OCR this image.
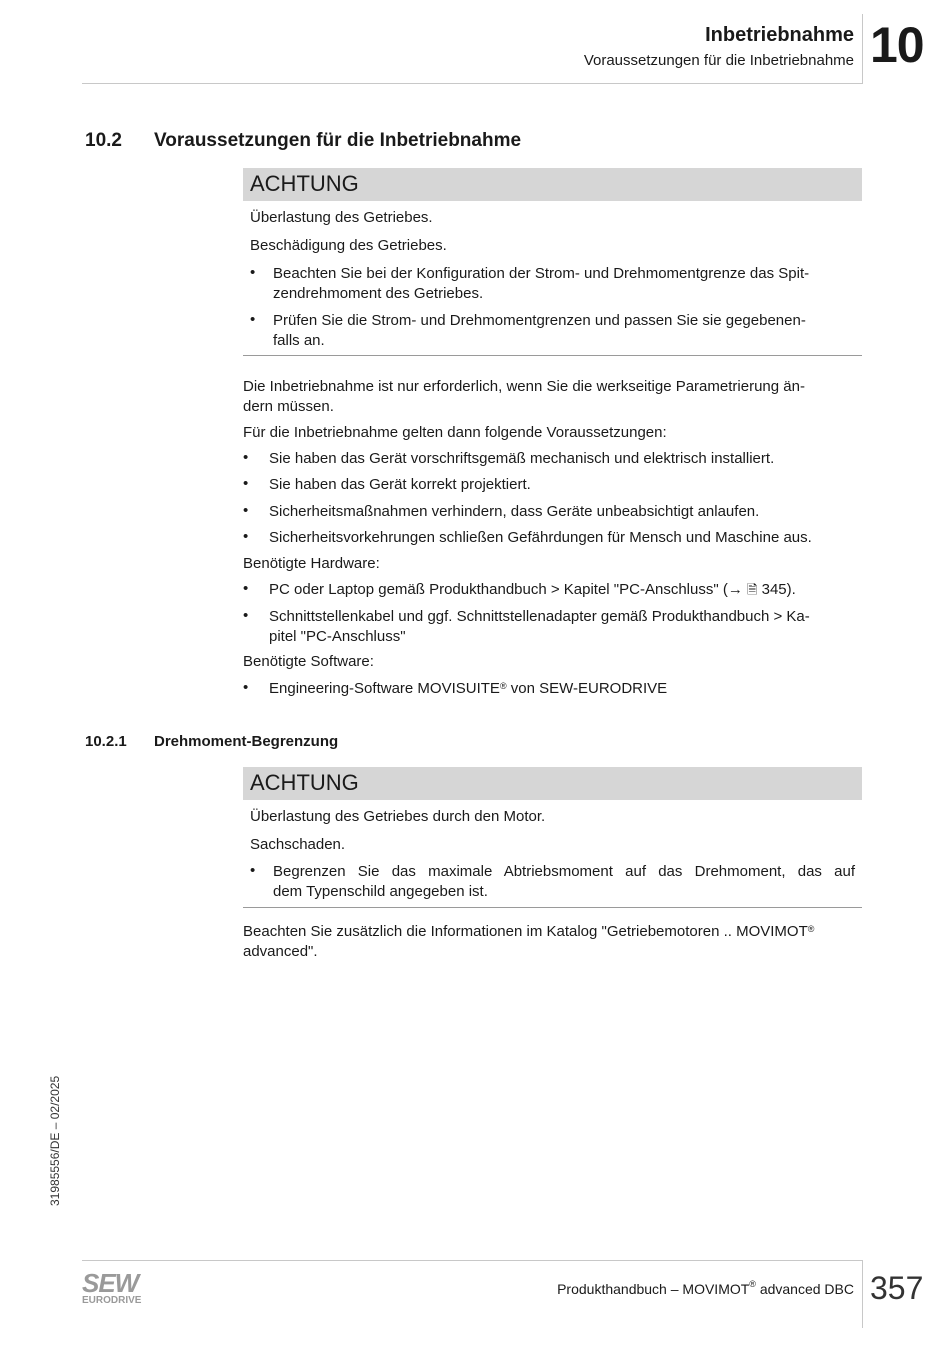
Inbetriebnahme
Voraussetzungen für die Inbetriebnahme 10
10.2 Voraussetzungen für die Inbetriebnahme
ACHTUNG
Überlastung des Getriebes.
Beschädigung des Getriebes.
• Beachten Sie bei der Konfiguration der Strom- und Drehmomentgrenze das Spit-
zendrehmoment des Getriebes.
• Prüfen Sie die Strom- und Drehmomentgrenzen und passen Sie sie gegebenen-
falls an.
Die Inbetriebnahme ist nur erforderlich, wenn Sie die werkseitige Parametrierung än-
dern müssen.
Für die Inbetriebnahme gelten dann folgende Voraussetzungen:
• Sie haben das Gerät vorschriftsgemäß mechanisch und elektrisch installiert.
• Sie haben das Gerät korrekt projektiert.
• Sicherheitsmaßnahmen verhindern, dass Geräte unbeabsichtigt anlaufen.
• Sicherheitsvorkehrungen schließen Gefährdungen für Mensch und Maschine aus.
Benötigte Hardware:
• PC oder Laptop gemäß Produkthandbuch > Kapitel "PC-Anschluss" (→ 🗎 345).
• Schnittstellenkabel und ggf. Schnittstellenadapter gemäß Produkthandbuch > Ka-
pitel "PC-Anschluss"
Benötigte Software:
• Engineering-Software MOVISUITE® von SEW-EURODRIVE
10.2.1 Drehmoment-Begrenzung
ACHTUNG
Überlastung des Getriebes durch den Motor.
Sachschaden.
• Begrenzen Sie das maximale Abtriebsmoment auf das Drehmoment, das auf
dem Typenschild angegeben ist.
Beachten Sie zusätzlich die Informationen im Katalog "Getriebemotoren .. MOVIMOT®
advanced".
31985556/DE – 02/2025
Produkthandbuch – MOVIMOT® advanced DBC 357
SEW
EURODRIVE
